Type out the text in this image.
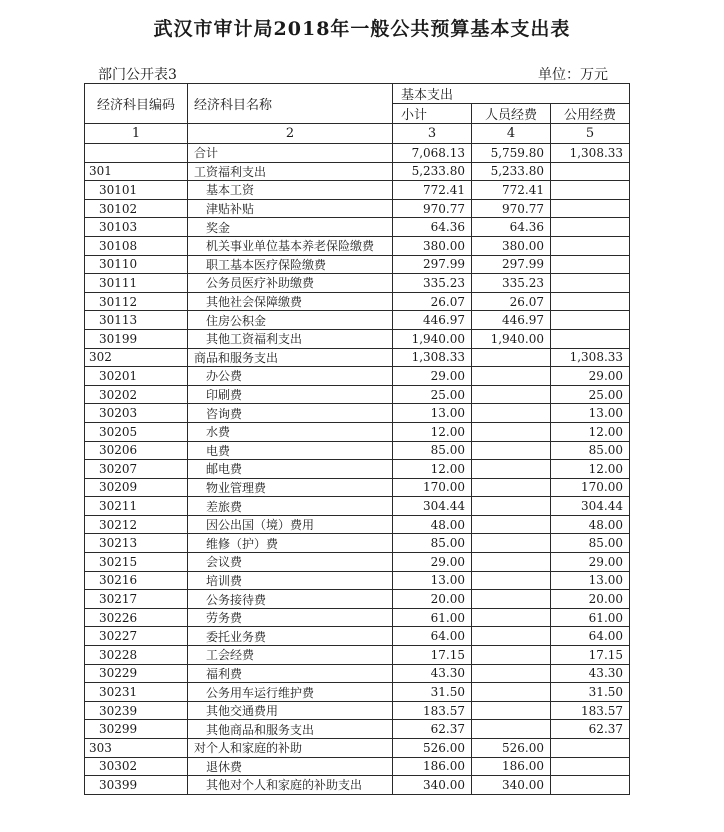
武汉市审计局2018年一般公共预算基本支出表
部门公开表3	单位：万元
经济科目编码	经济科目名称	基本支出		
		小计	人员经费	公用经费
1	2	3	4	5
	合计	7,068.13	5,759.80	1,308.33
301	工资福利支出	5,233.80	5,233.80	
30101	基本工资	772.41	772.41	
30102	津贴补贴	970.77	970.77	
30103	奖金	64.36	64.36	
30108	机关事业单位基本养老保险缴费	380.00	380.00	
30110	职工基本医疗保险缴费	297.99	297.99	
30111	公务员医疗补助缴费	335.23	335.23	
30112	其他社会保障缴费	26.07	26.07	
30113	住房公积金	446.97	446.97	
30199	其他工资福利支出	1,940.00	1,940.00	
302	商品和服务支出	1,308.33		1,308.33
30201	办公费	29.00		29.00
30202	印刷费	25.00		25.00
30203	咨询费	13.00		13.00
30205	水费	12.00		12.00
30206	电费	85.00		85.00
30207	邮电费	12.00		12.00
30209	物业管理费	170.00		170.00
30211	差旅费	304.44		304.44
30212	因公出国（境）费用	48.00		48.00
30213	维修（护）费	85.00		85.00
30215	会议费	29.00		29.00
30216	培训费	13.00		13.00
30217	公务接待费	20.00		20.00
30226	劳务费	61.00		61.00
30227	委托业务费	64.00		64.00
30228	工会经费	17.15		17.15
30229	福利费	43.30		43.30
30231	公务用车运行维护费	31.50		31.50
30239	其他交通费用	183.57		183.57
30299	其他商品和服务支出	62.37		62.37
303	对个人和家庭的补助	526.00	526.00	
30302	退休费	186.00	186.00	
30399	其他对个人和家庭的补助支出	340.00	340.00	
